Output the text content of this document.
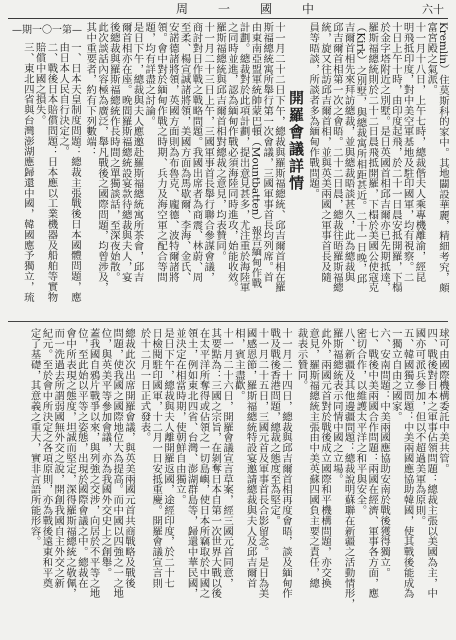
中國一周	十六
—第一〇一期—	Kremlin）住莫斯科的家中。其地闢設華麗，精細考究，頗
富宮殿之氣派。
十一月十八日，上午七時，總裁偕夫人乘專機離渝，經昆
明飛抵印度，對中美空軍基地及駐印國軍，均有視察。二
十日上午十時，由印度起飛，於二十一日晨安抵開羅，下榻
於金字塔附近之別墅。是日英國首相邱吉爾亦已先期抵達，
羅斯福總統則於二十二日晨飛抵開羅，下榻於美國公使寇克
（Kirk）之別墅，與總裁寓所相距甚近。二十一日晚，邱
吉爾首相先來拜訪總裁，並與總裁晤談甚久，此為總裁與
邱吉爾首相第一次之會晤。二十二日晨，總裁往晤羅斯福總
統，旋又往訪邱吉爾首相，並與英美兩國之軍事首長及隨
員等晤談，所談者多為緬甸作戰問題。
開羅會議詳情
十一月二十二日下午，總裁與羅斯福總統、邱吉爾首相在羅
斯福總統寓所舉行第一次會議，三國軍事首長均列席。首
由東南亞盟軍統帥蒙巴頓（Mountbatten）報告緬甸作戰
計劃。總裁對於此項計劃，提出意見甚多，尤注重於海陸軍
之同時並進，認為緬甸作戰必須海陸同時進攻，始能收效。
羅斯福總統與邱吉爾首相對總裁之意見，均表贊同。
十一月二十三日上午，三國軍事首長舉行聯合參謀會議，
商討對日作戰之戰略問題。我國出席者為商震、林蔚、周
至柔、楊宣誠諸將領，美國方面為馬歇爾、李海、金氏、
安諾德諸將領，英國方面則為布魯克、龐德、波特爾諸將
領。會中對於緬甸作戰之時期、兵力及海空軍之配合等問
題，均有詳盡之討論。
是日下午，總裁與夫人應邀赴羅斯福總統寓所茶會，邱吉
爾首相亦在座。晚間羅斯福總統設宴款待總裁與夫人，宴
後總裁與羅斯福總統作長時間之單獨談話，至深夜始散。
此次談話內容極為廣泛，舉凡戰後之國際問題，均曾涉及，
其中重要者，約有下列數端：
一、日本天皇制度問題：總裁主張戰後日本國體問題，應
由日本人民自行決定之。
二、戰後日本賠償問題：日本應以工業機器及船舶等實物
賠償中國之損失。
三、東北四省與台灣澎湖應歸還中國，韓國應予獨立，琉
球可由國際機構委託中美共管。
四、戰後對日本之軍事佔領問題：總裁主張以美國為主，中
國亦可派兵參加，但以不超過美軍為原則。
五、韓國獨立問題：中美兩國應協助韓國，使其戰後能成為
一獨立自由之國家。
六、安南問題：中美兩國應協助安南於戰後獲得獨立。
七、戰後中美兩國合作問題：兩國在經濟、軍事各方面，應
密切合作，以維護太平洋之和平與安全。
八、新疆及其他邊疆問題：總裁說明蘇聯在新疆之活動情形，
羅斯福總統表示同情中國之立場。
此外，兩國元首對於戰後成立國際和平機構問題，亦交換
意見，羅斯福總統主張由中美英蘇四國負主要之責任，總
裁表示贊同。
十一月二十四日，總裁與邱吉爾首相再度會晤，談及緬甸作
戰及戰後香港問題，總裁之態度至為堅定。
十一月二十五日，三國元首及軍事首長合影留念。是日為美
國感恩節，羅斯福總統特設宴邀請總裁與夫人及邱吉爾首
相，賓主盡歡。
十一月二十六日，開羅會議宣言草案，經三國元首同意，
其要點為：三國之宗旨，在剝奪日本自第一次世界大戰以後
在太平洋所奪得或佔領之一切島嶼，使日本所竊取於中國之
領土，例如東北四省、台灣、澎湖群島等，歸還中華民國，
並決定在相當時期，使朝鮮自由獨立。
是日下午，總裁與夫人離開羅返國，途經印度，於二十七
日檢閱駐印國軍，十二月一日安抵重慶。開羅會議宣言則
於十二月一日正式發表。
總裁此次出席開羅會議，與英美兩國元首共商戰略及戰後
問題，使我國之國際地位大為提高。而中國以四強之一之地
位，與英美平等參加會議，亦為我國外交史上之創舉。
蓋我國自鴉片戰爭以來，與列強之交涉，向居於不平等之地
位，至此始以平等之姿態，出現於國際會議之中。總裁在
會中所表現之態度，坦誠而堅定，深得羅斯福總統之敬佩，
而一洗過去所謂弱國無外交之說，開創我國自主外交之新
紀元。至於會中所決定之各項原則，亦為戰後遠東和平奠
定了基礎，其意義之重大，實非言語所能形容。
